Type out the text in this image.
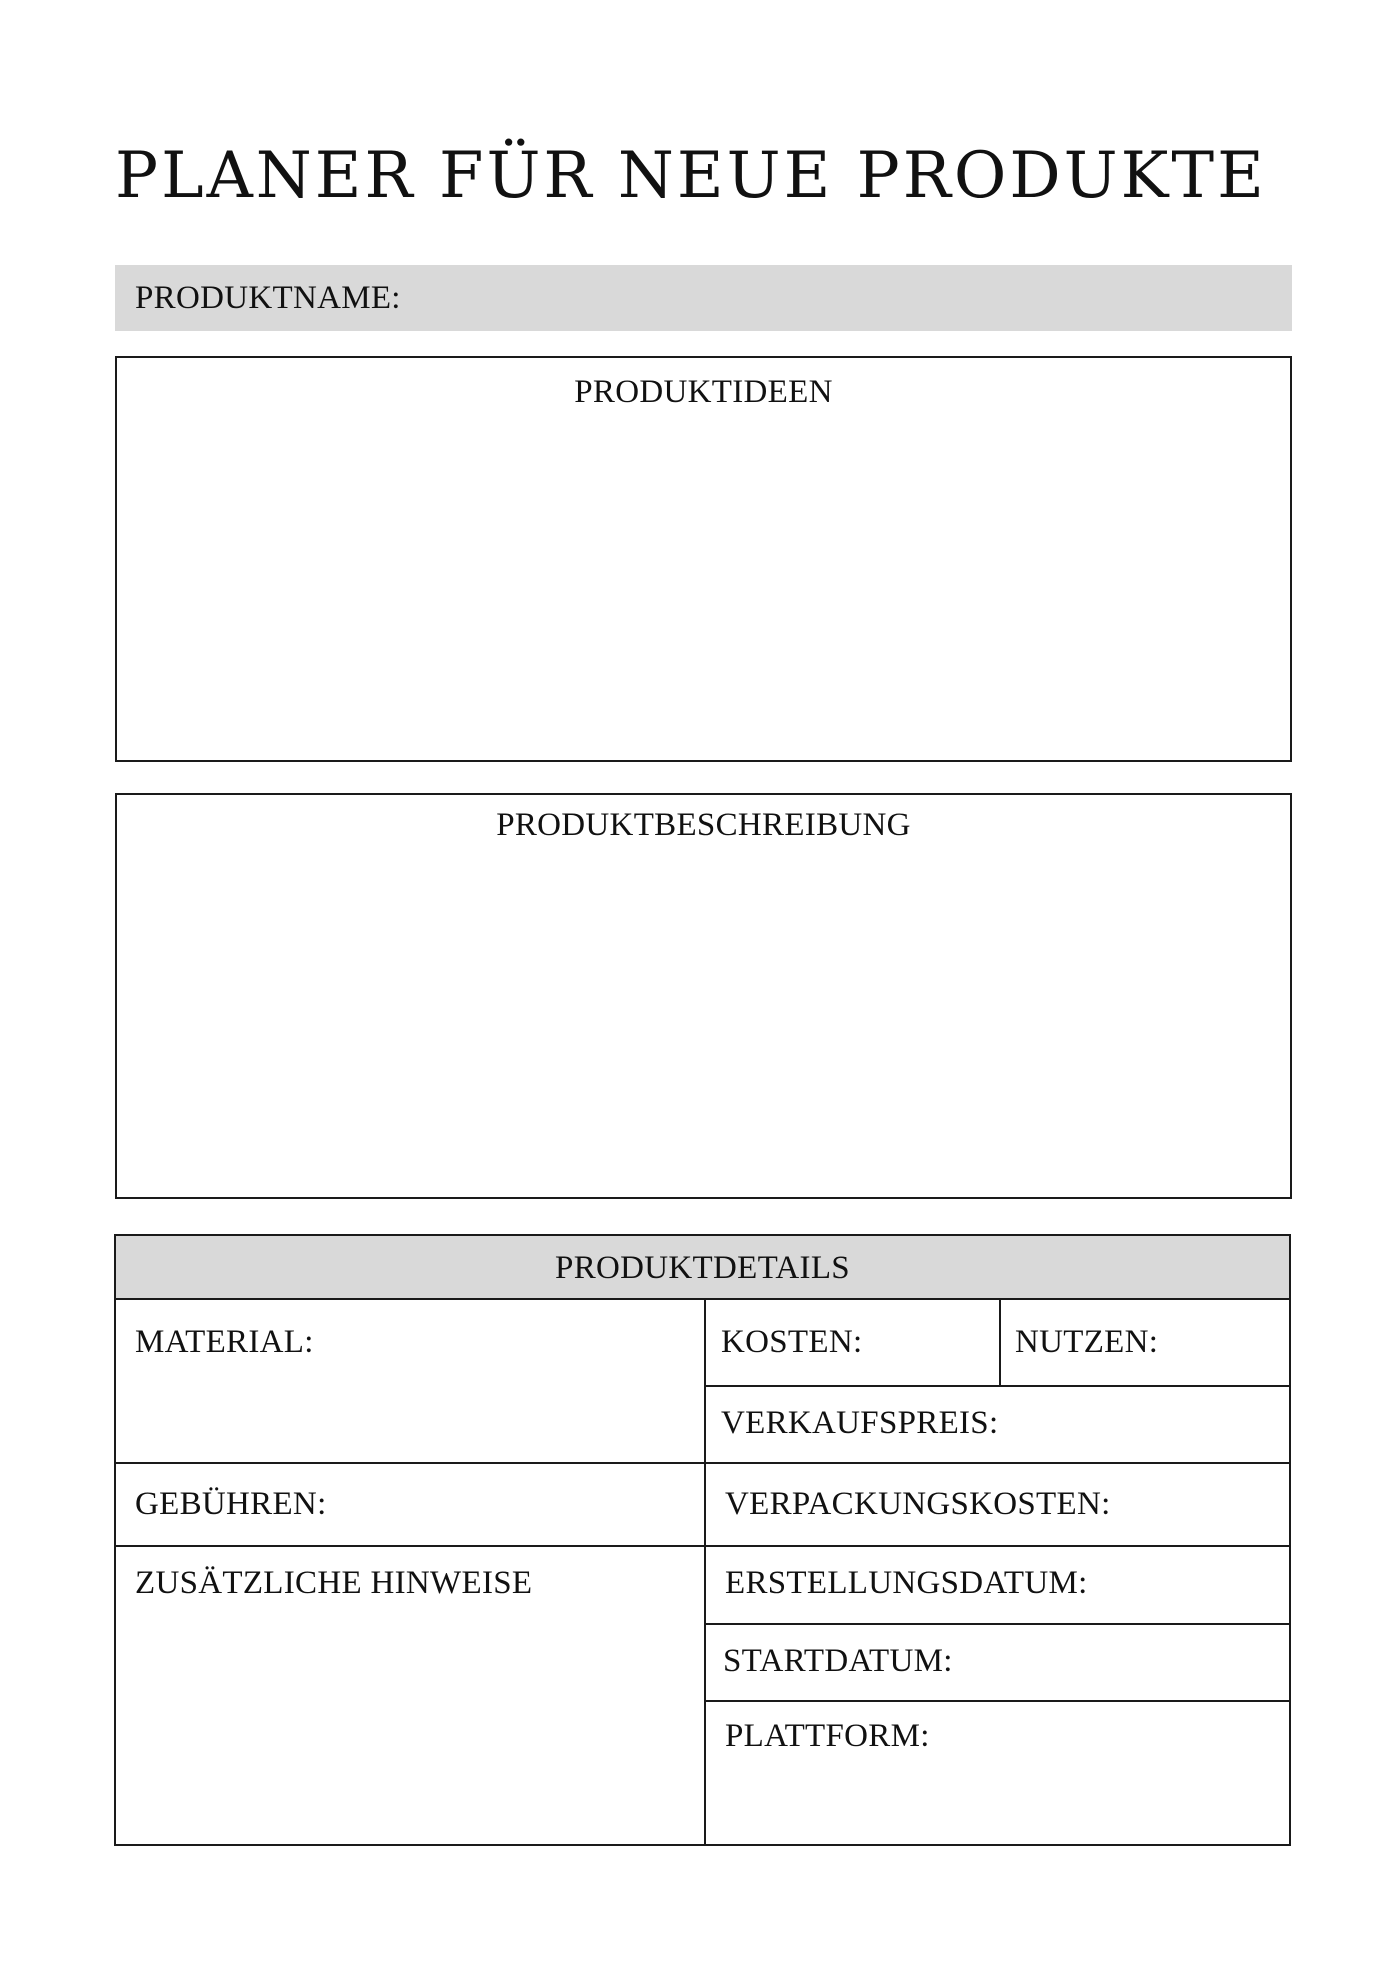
PLANER FÜR NEUE PRODUKTE
PRODUKTNAME:
PRODUKTIDEEN
PRODUKTBESCHREIBUNG
PRODUKTDETAILS
MATERIAL:	KOSTEN:	NUTZEN:
VERKAUFSPREIS:
GEBÜHREN:	VERPACKUNGSKOSTEN:
ZUSÄTZLICHE HINWEISE	ERSTELLUNGSDATUM:
STARTDATUM:
PLATTFORM:
